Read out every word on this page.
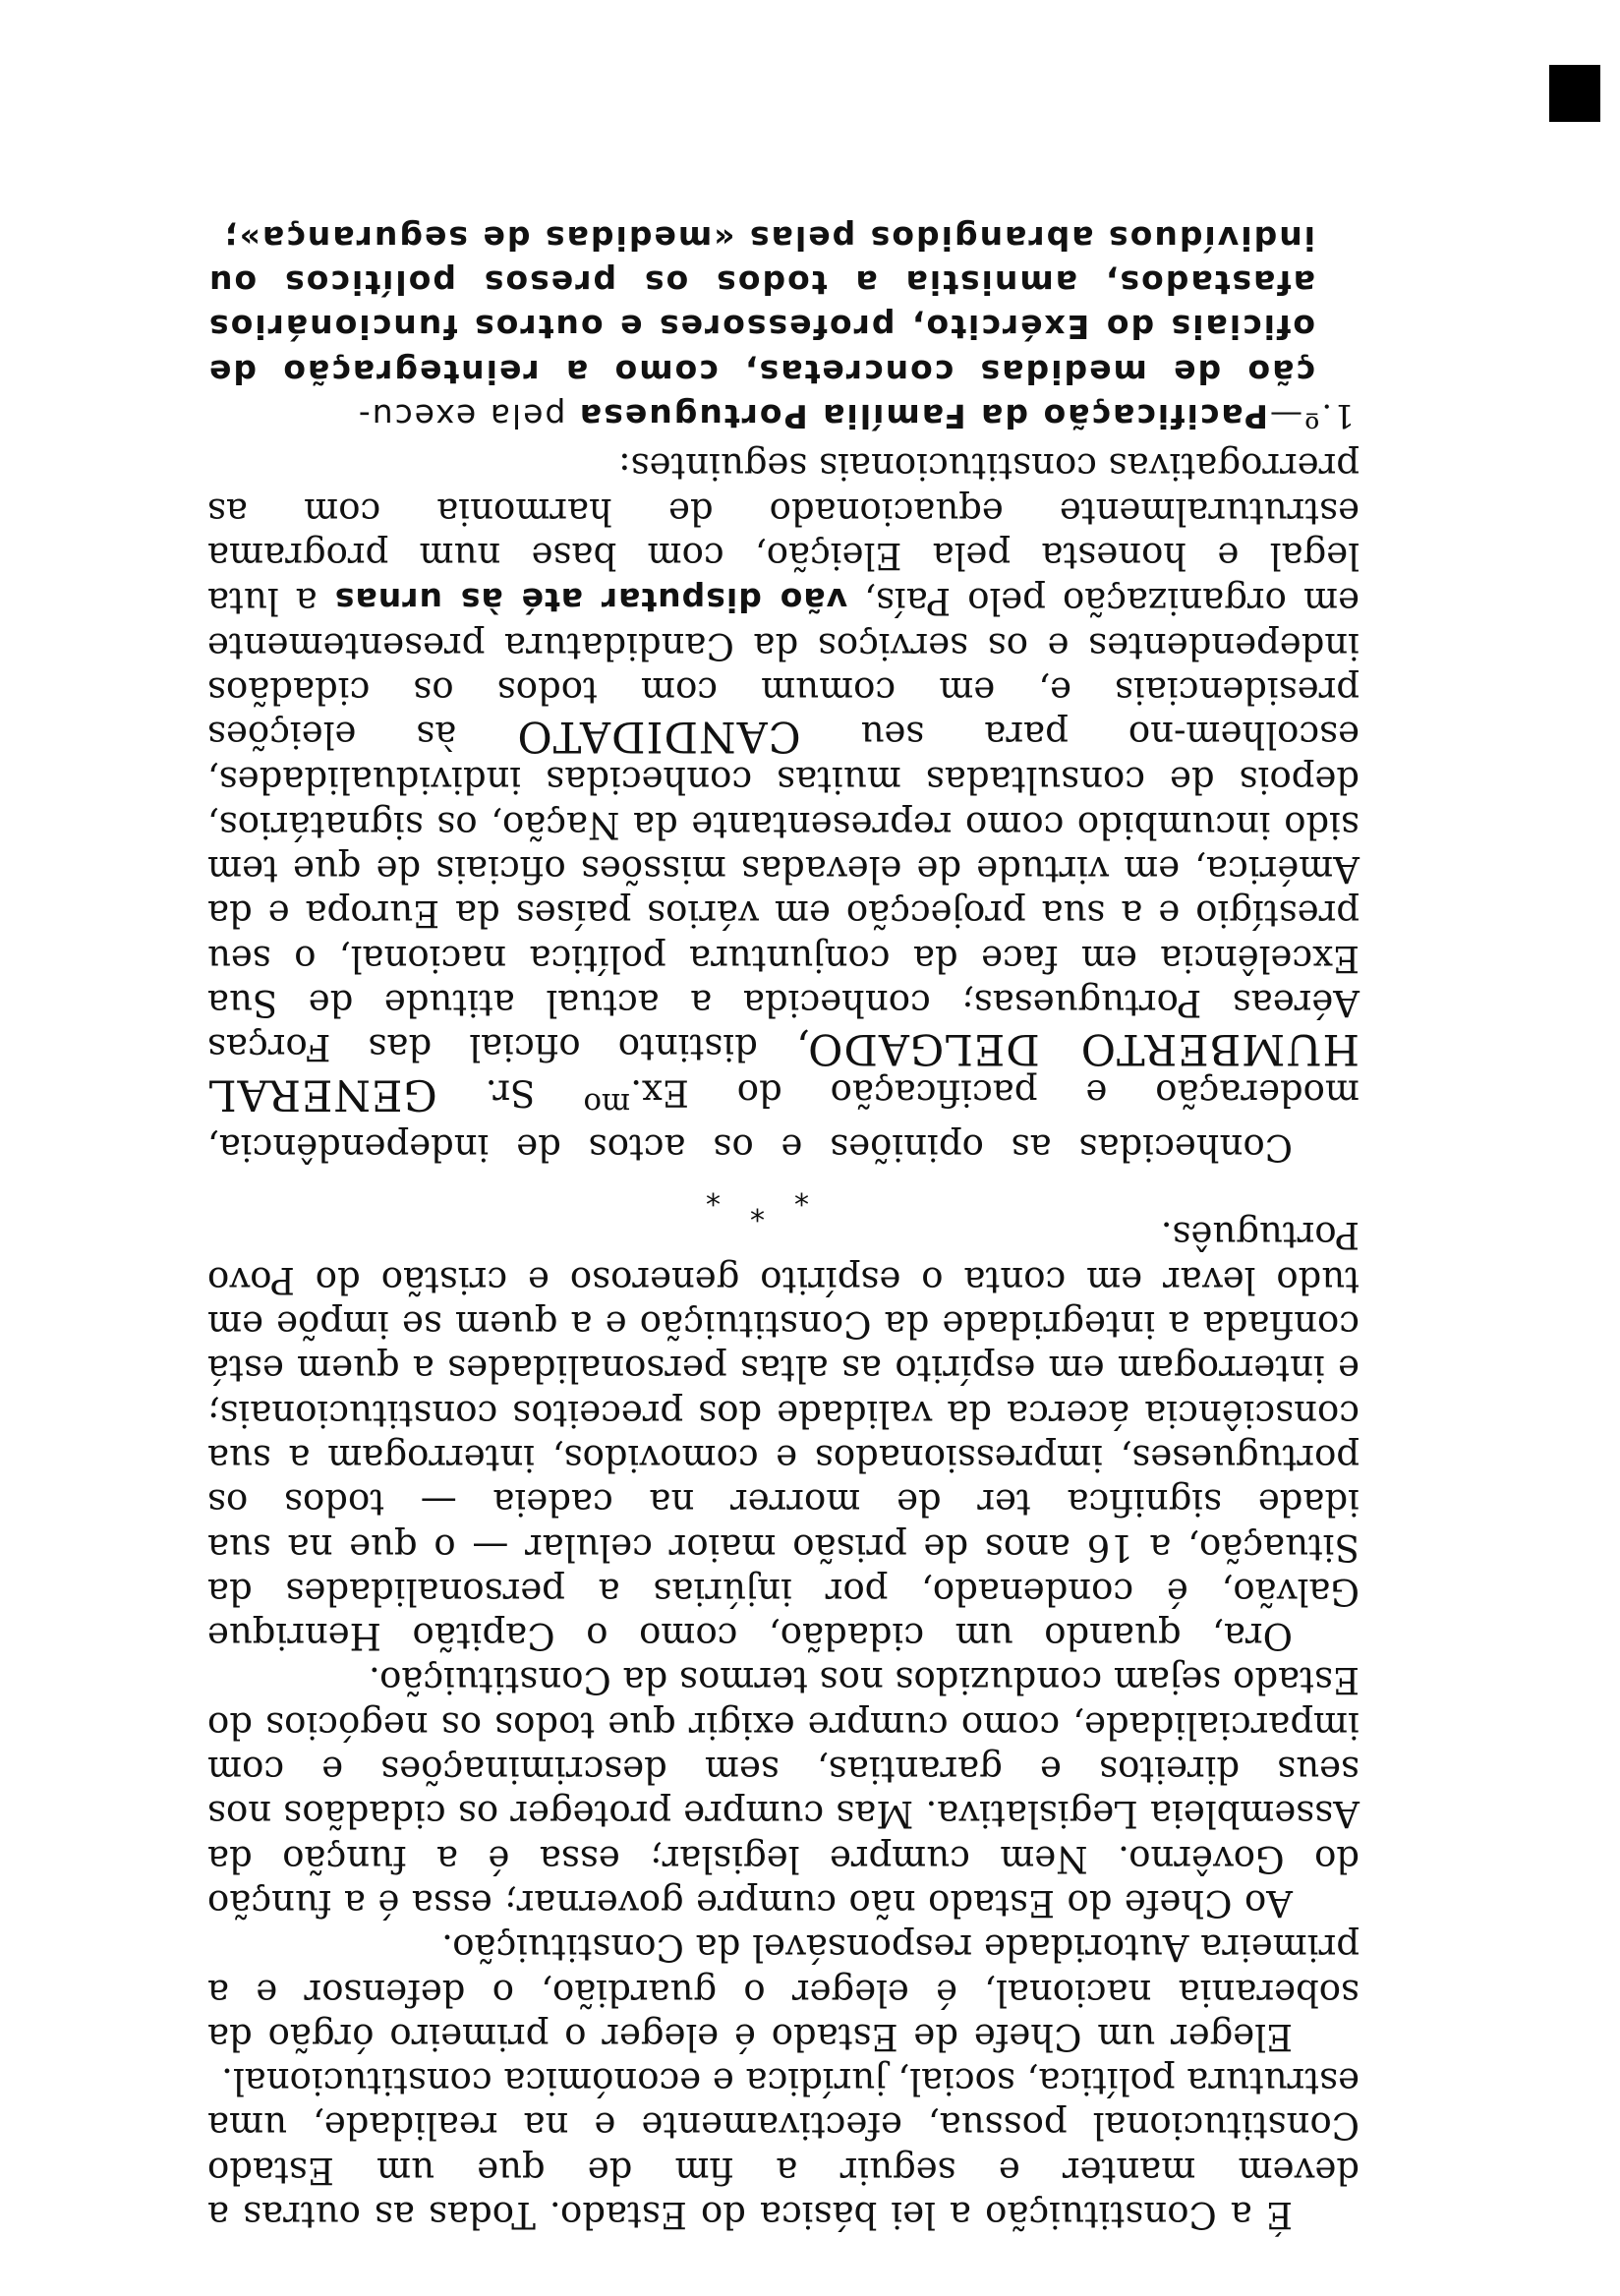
É a Constituição a lei básica do Estado. Todas as outras a devem manter e seguir a fim de que um Estado Constitucional possua, efectivamente e na realidade, uma estrutura política, social, jurídica e económica constitucional.

Eleger um Chefe de Estado é eleger o primeiro órgão da soberania nacional, é eleger o guardião, o defensor e a primeira Autoridade responsável da Constituição.

Ao Chefe do Estado não cumpre governar; essa é a função do Govêrno. Nem cumpre legislar; essa é a função da Assembleia Legislativa. Mas cumpre proteger os cidadãos nos seus direitos e garantias, sem descriminações e com imparcialidade, como cumpre exigir que todos os negócios do Estado sejam conduzidos nos termos da Constituição.

Ora, quando um cidadão, como o Capitão Henrique Galvão, é condenado, por injúrias a personalidades da Situação, a 16 anos de prisão maior celular — o que na sua idade significa ter de morrer na cadeia — todos os portugueses, impressionados e comovidos, interrogam a sua consciência ácerca da validade dos preceitos constitucionais; e interrogam em espírito as altas personalidades a quem está confiada a integridade da Constituição e a quem se impõe em tudo levar em conta o espírito generoso e cristão do Povo Português.

*
*
*

Conhecidas as opiniões e os actos de independência, moderação e pacificação do Ex.$^{mo}$ Sr. GENERAL HUMBERTO DELGADO, distinto oficial das Forças Aéreas Portuguesas; conhecida a actual atitude de Sua Excelência em face da conjuntura política nacional, o seu prestígio e a sua projecção em vários países da Europa e da América, em virtude de elevadas missões oficiais de que tem sido incumbido como representante da Nação, os signatários, depois de consultadas muitas conhecidas individualidades, escolhem-no para seu CANDIDATO às eleições presidenciais e, em comum com todos os cidadãos independentes e os serviços da Candidatura presentemente em organização pelo País, vão disputar até às urnas a luta legal e honesta pela Eleição, com base num programa estruturalmente equacionado de harmonia com as prerrogativas constitucionais seguintes:

1.º—Pacificação da Família Portuguesa pela execu-

ção de medidas concretas, como a reintegração de oficiais do Exército, professores e outros funcionários afastados, amnistia a todos os presos políticos ou indivíduos abrangidos pelas «medidas de segurança»;
